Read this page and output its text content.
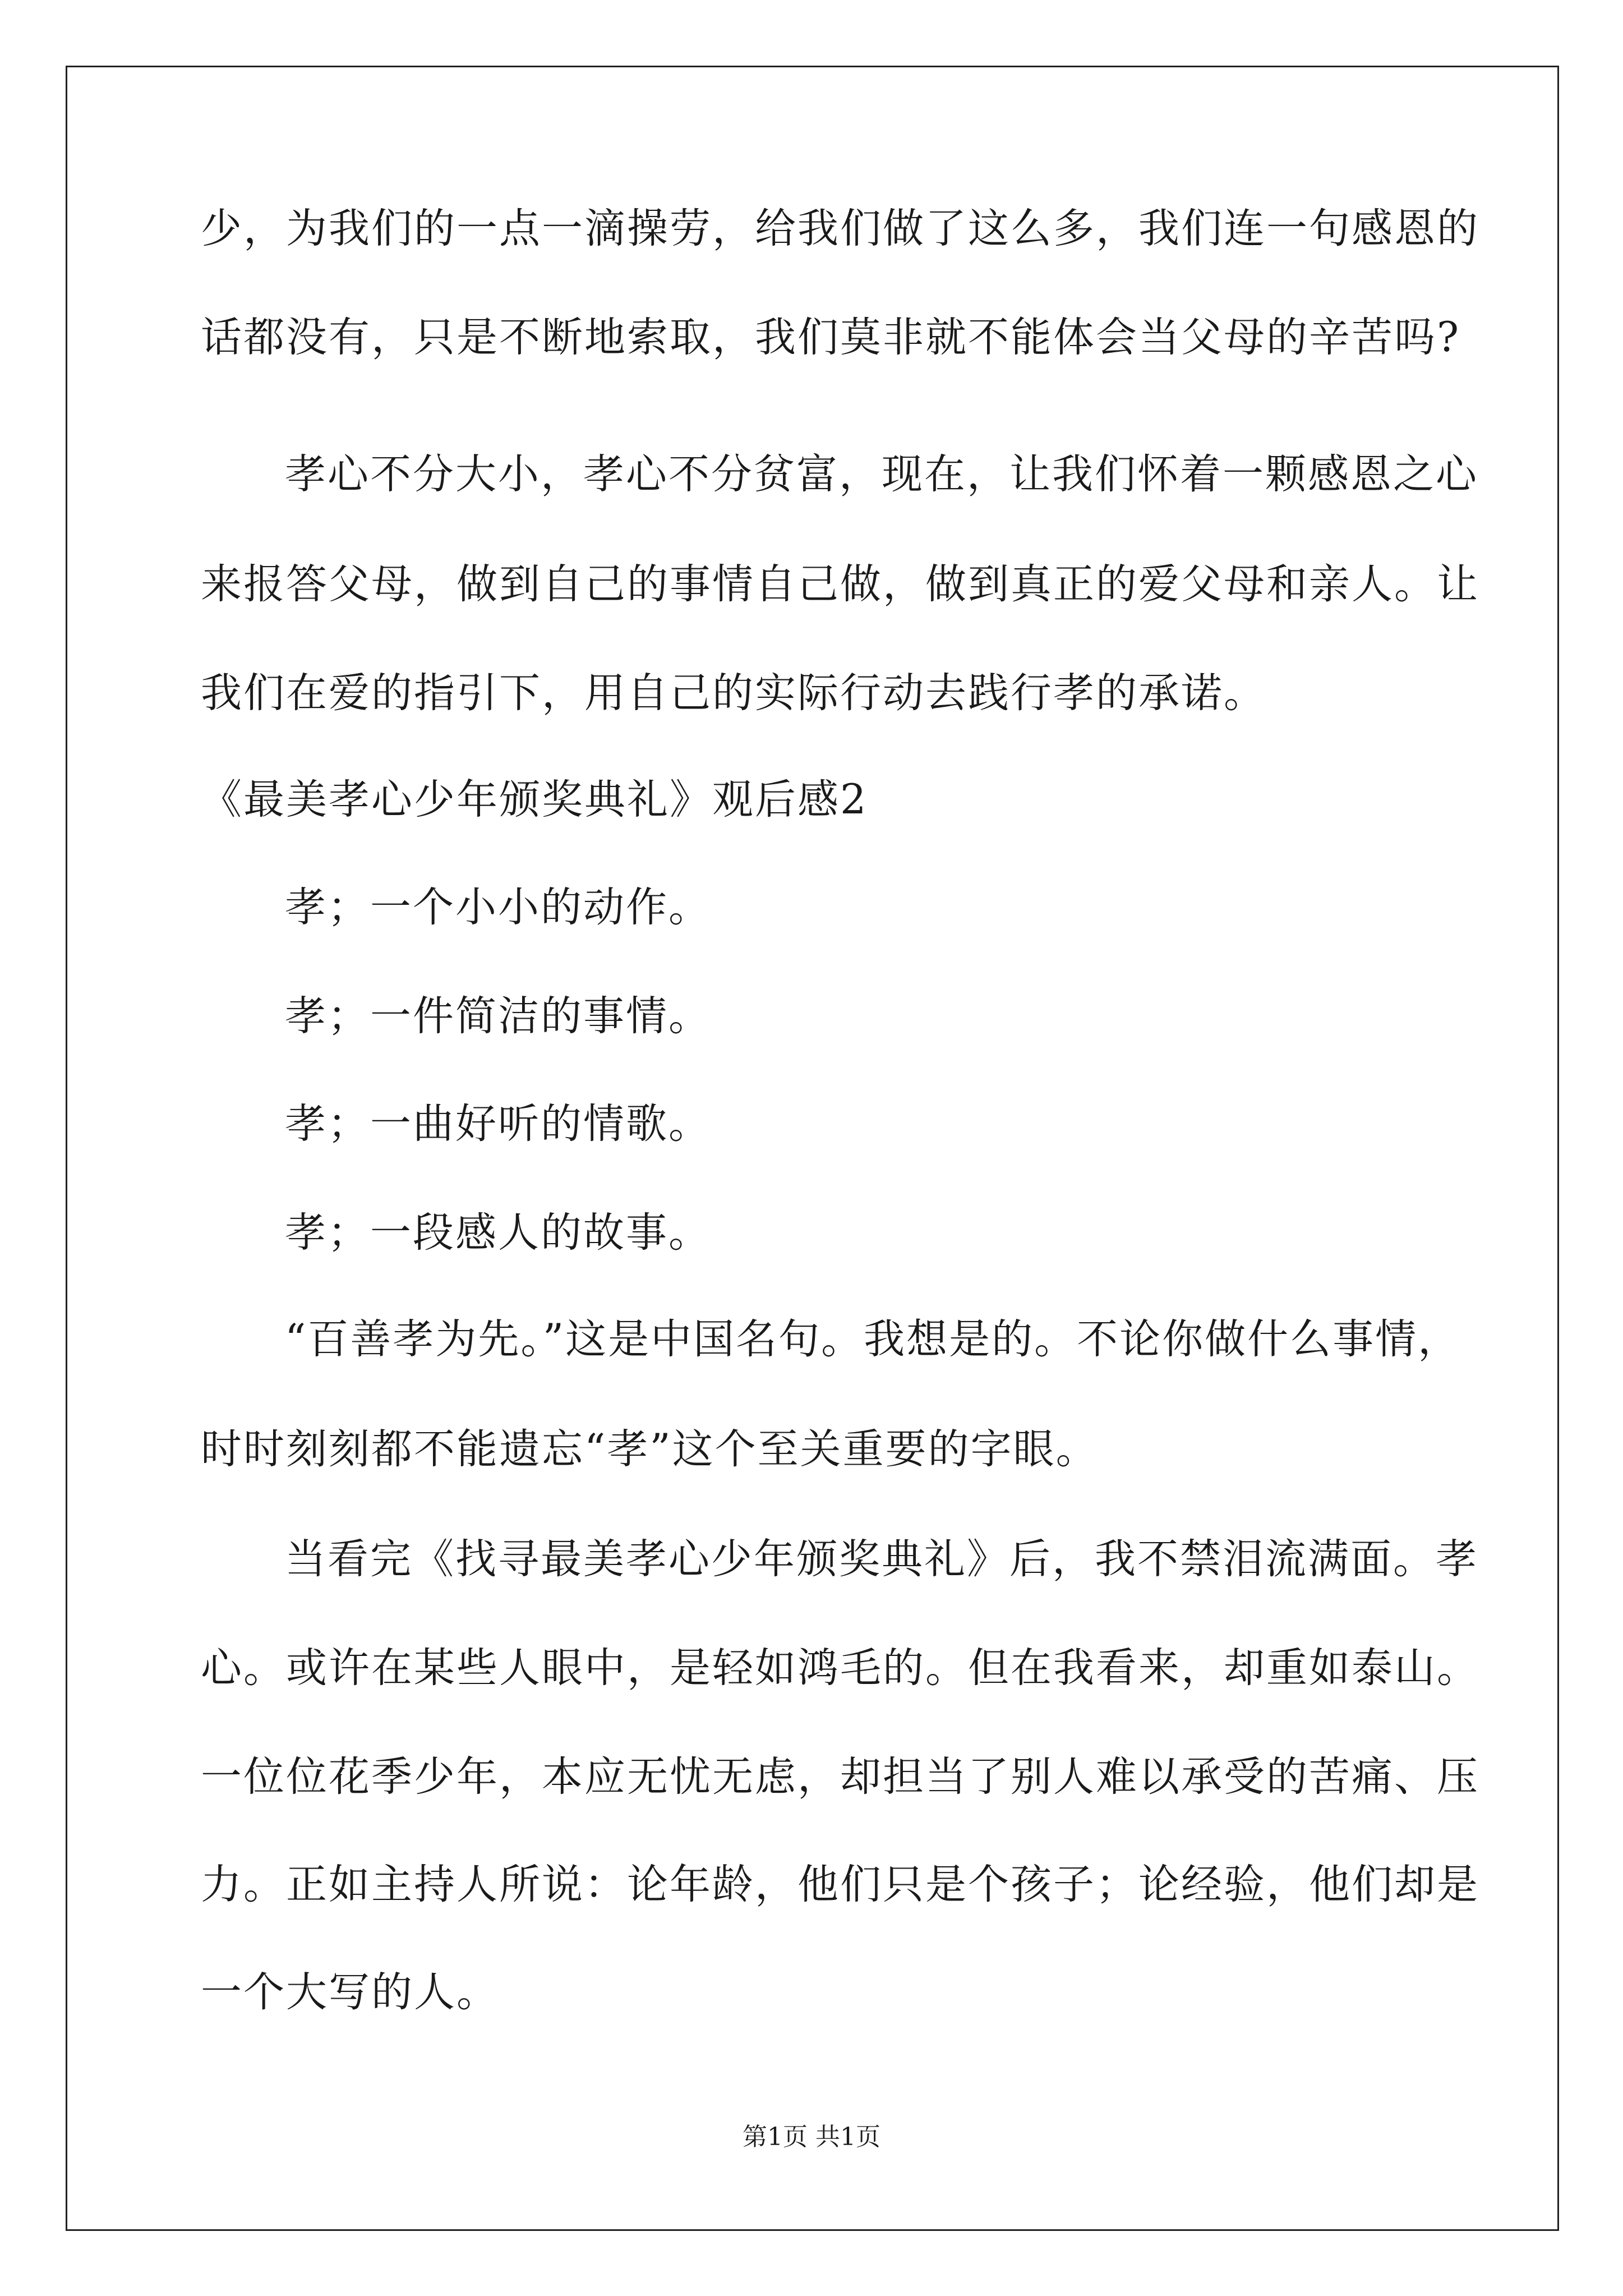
少，为我们的一点一滴操劳，给我们做了这么多，我们连一句感恩的
话都没有，只是不断地索取，我们莫非就不能体会当父母的辛苦吗?
孝心不分大小，孝心不分贫富，现在，让我们怀着一颗感恩之心
来报答父母，做到自己的事情自己做，做到真正的爱父母和亲人。让
我们在爱的指引下，用自己的实际行动去践行孝的承诺。
《最美孝心少年颁奖典礼》观后感2
孝；一个小小的动作。
孝；一件简洁的事情。
孝；一曲好听的情歌。
孝；一段感人的故事。
“百善孝为先。”这是中国名句。我想是的。不论你做什么事情，
时时刻刻都不能遗忘“孝”这个至关重要的字眼。
当看完《找寻最美孝心少年颁奖典礼》后，我不禁泪流满面。孝
心。或许在某些人眼中，是轻如鸿毛的。但在我看来，却重如泰山。
一位位花季少年，本应无忧无虑，却担当了别人难以承受的苦痛、压
力。正如主持人所说：论年龄，他们只是个孩子；论经验，他们却是
一个大写的人。
第1页 共1页
